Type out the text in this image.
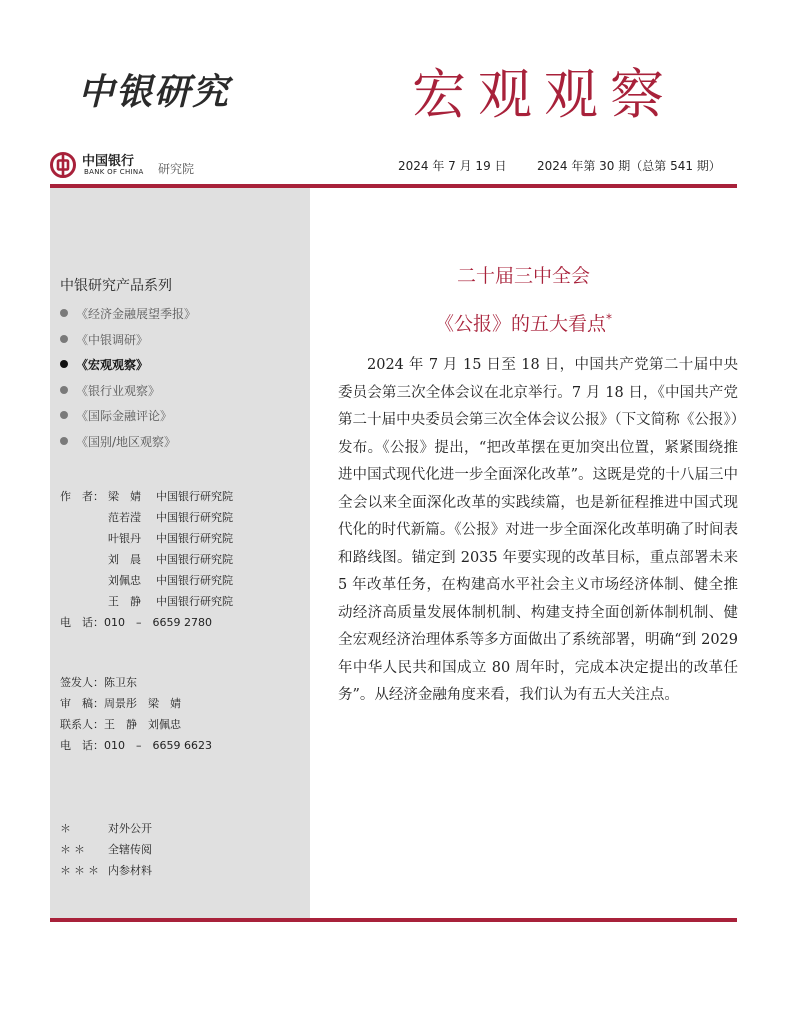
中银研究	宏观观察
中国银行
BANK OF CHINA 研究院	2024 年 7 月 19 日	2024 年第 30 期（总第 541 期）
中银研究产品系列
《经济金融展望季报》
《中银调研》
《宏观观察》
《银行业观察》
《国际金融评论》
《国别/地区观察》
作　者： 梁　婧 中国银行研究院
范若滢 中国银行研究院
叶银丹 中国银行研究院
刘　晨 中国银行研究院
刘佩忠 中国银行研究院
王　静 中国银行研究院
电　话：010　–　6659 2780
签发人：陈卫东
审　稿：周景彤　梁　婧
联系人：王　静　刘佩忠
电　话：010　–　6659 6623
＊	对外公开
＊＊ 全辖传阅
＊＊＊ 内参材料
二十届三中全会
《公报》的五大看点*

2024 年 7 月 15 日至 18 日，中国共产党第二十届中央委员会第三次全体会议在北京举行。7 月 18 日，《中国共产党第二十届中央委员会第三次全体会议公报》（下文简称《公报》）发布。《公报》提出，“把改革摆在更加突出位置，紧紧围绕推进中国式现代化进一步全面深化改革”。这既是党的十八届三中全会以来全面深化改革的实践续篇，也是新征程推进中国式现代化的时代新篇。《公报》对进一步全面深化改革明确了时间表和路线图。锚定到 2035 年要实现的改革目标，重点部署未来 5 年改革任务，在构建高水平社会主义市场经济体制、健全推动经济高质量发展体制机制、构建支持全面创新体制机制、健全宏观经济治理体系等多方面做出了系统部署，明确“到 2029 年中华人民共和国成立 80 周年时，完成本决定提出的改革任务”。从经济金融角度来看，我们认为有五大关注点。
